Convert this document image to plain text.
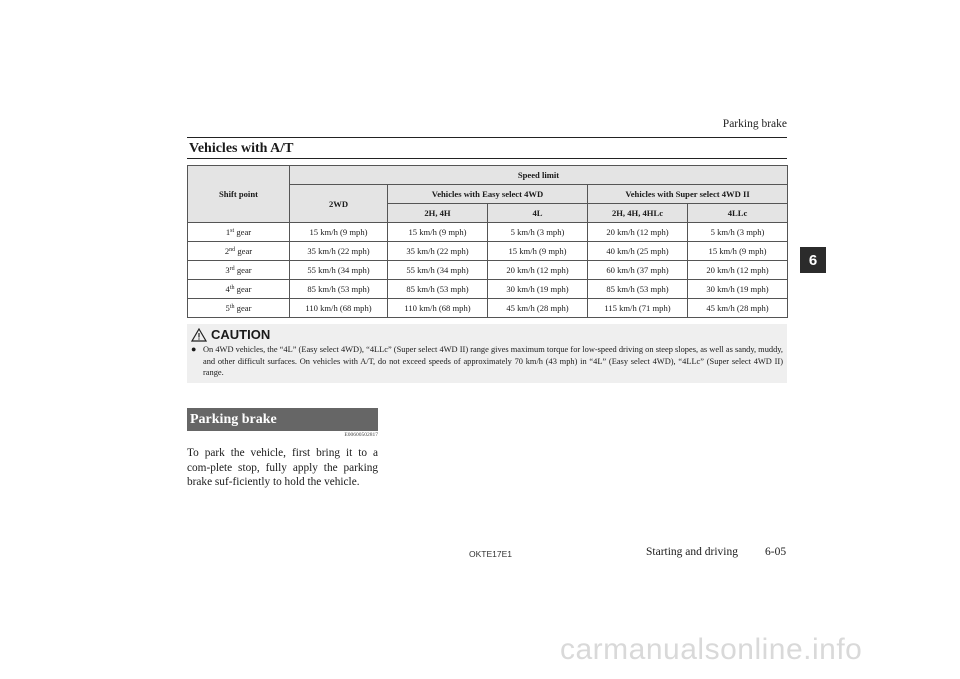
Parking brake
6
Vehicles with A/T
Shift point	Speed limit				
	2WD	Vehicles with Easy select 4WD		Vehicles with Super select 4WD II	
		2H, 4H	4L	2H, 4H, 4HLc	4LLc
1st gear	15 km/h (9 mph)	15 km/h (9 mph)	5 km/h (3 mph)	20 km/h (12 mph)	5 km/h (3 mph)
2nd gear	35 km/h (22 mph)	35 km/h (22 mph)	15 km/h (9 mph)	40 km/h (25 mph)	15 km/h (9 mph)
3rd gear	55 km/h (34 mph)	55 km/h (34 mph)	20 km/h (12 mph)	60 km/h (37 mph)	20 km/h (12 mph)
4th gear	85 km/h (53 mph)	85 km/h (53 mph)	30 km/h (19 mph)	85 km/h (53 mph)	30 km/h (19 mph)
5th gear	110 km/h (68 mph)	110 km/h (68 mph)	45 km/h (28 mph)	115 km/h (71 mph)	45 km/h (28 mph)
CAUTION
● On 4WD vehicles, the “4L” (Easy select 4WD), “4LLc” (Super select 4WD II) range gives maximum torque for low-speed driving on steep slopes, as well as sandy, muddy, and other difficult surfaces. On vehicles with A/T, do not exceed speeds of approximately 70 km/h (43 mph) in “4L” (Easy select 4WD), “4LLc” (Super select 4WD II) range.
Parking brake
E00600502817
To park the vehicle, first bring it to a com-plete stop, fully apply the parking brake suf-ficiently to hold the vehicle.
OKTE17E1	Starting and driving 6-05
carmanualsonline.info
